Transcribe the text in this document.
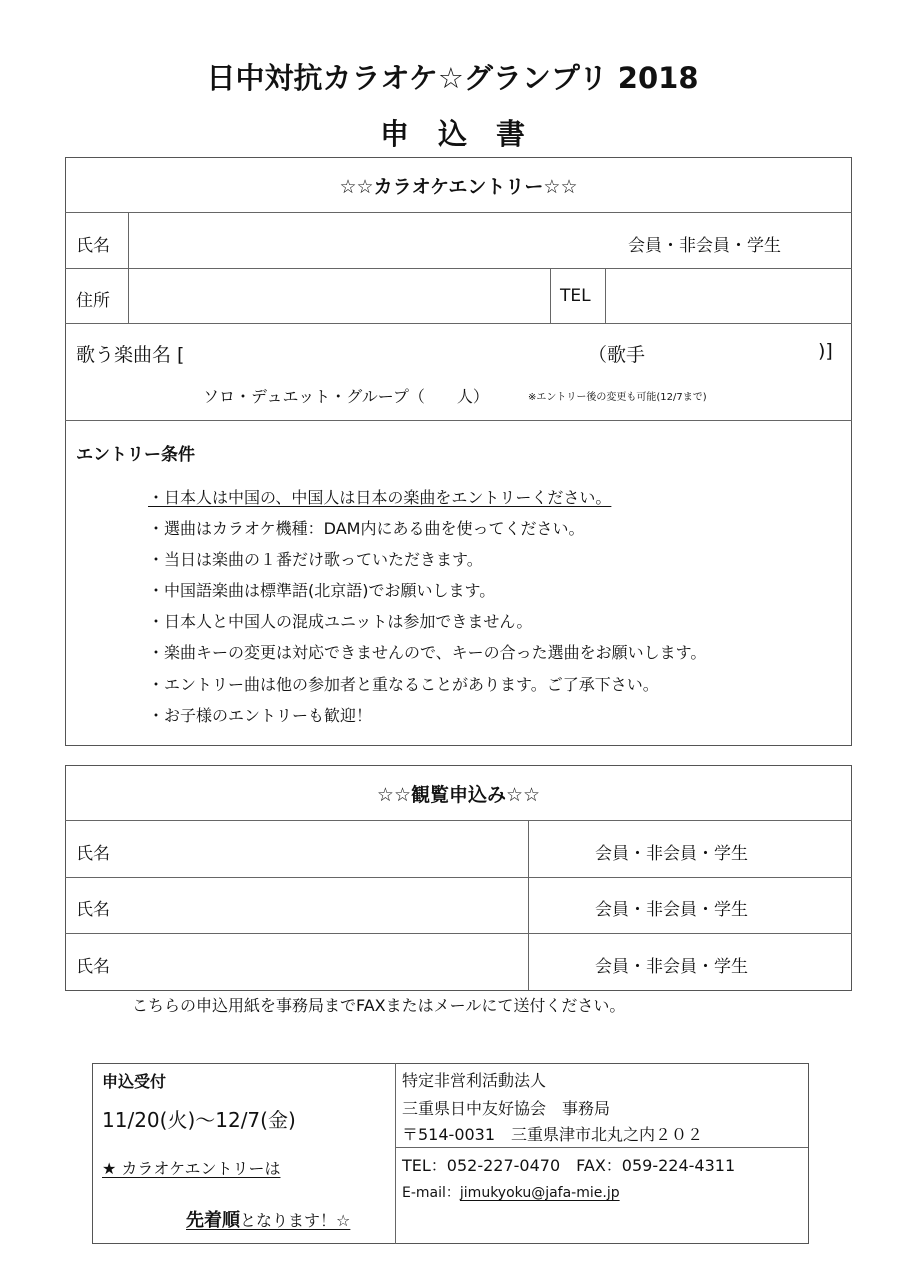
日中対抗カラオケ☆グランプリ 2018
申　込　書
☆☆カラオケエントリー☆☆
氏名	会員・非会員・学生
住所	TEL
歌う楽曲名 [	（歌手	)]
ソロ・デュエット・グループ（　　人）	※エントリー後の変更も可能(12/7まで)
エントリー条件
・日本人は中国の、中国人は日本の楽曲をエントリーください。
・選曲はカラオケ機種：DAM内にある曲を使ってください。
・当日は楽曲の１番だけ歌っていただきます。
・中国語楽曲は標準語(北京語)でお願いします。
・日本人と中国人の混成ユニットは参加できません。
・楽曲キーの変更は対応できませんので、キーの合った選曲をお願いします。
・エントリー曲は他の参加者と重なることがあります。ご了承下さい。
・お子様のエントリーも歓迎！
☆☆観覧申込み☆☆
氏名	会員・非会員・学生
氏名	会員・非会員・学生
氏名	会員・非会員・学生
こちらの申込用紙を事務局までFAXまたはメールにて送付ください。
申込受付
11/20(火)〜12/7(金)
★ カラオケエントリーは
先着順となります！☆
特定非営利活動法人
三重県日中友好協会　事務局
〒514-0031　三重県津市北丸之内２０２
TEL：052-227-0470　FAX：059-224-4311
E-mail：jimukyoku@jafa-mie.jp
